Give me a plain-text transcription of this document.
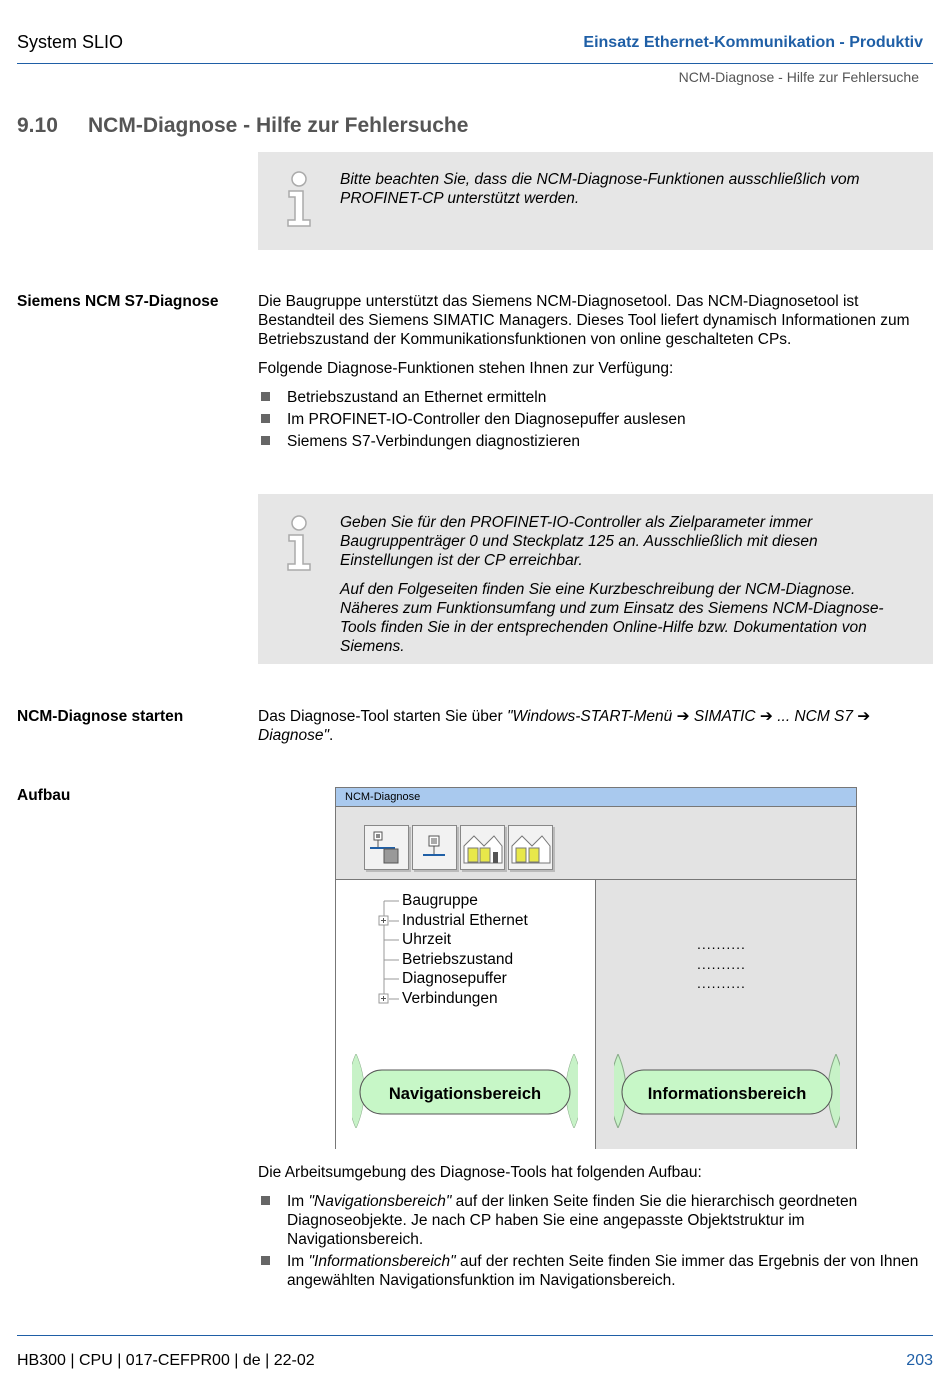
System SLIO	Einsatz Ethernet-Kommunikation - Produktiv
NCM-Diagnose - Hilfe zur Fehlersuche
9.10 NCM-Diagnose - Hilfe zur Fehlersuche

Bitte beachten Sie, dass die NCM-Diagnose-Funktionen ausschließlich vom PROFINET-CP unterstützt werden.

Siemens NCM S7-Diagnose	Die Baugruppe unterstützt das Siemens NCM-Diagnosetool. Das NCM-Diagnosetool ist Bestandteil des Siemens SIMATIC Managers. Dieses Tool liefert dynamisch Informationen zum Betriebszustand der Kommunikationsfunktionen von online geschalteten CPs.

Folgende Diagnose-Funktionen stehen Ihnen zur Verfügung:

Betriebszustand an Ethernet ermitteln
Im PROFINET-IO-Controller den Diagnosepuffer auslesen
Siemens S7-Verbindungen diagnostizieren

Geben Sie für den PROFINET-IO-Controller als Zielparameter immer Baugruppenträger 0 und Steckplatz 125 an. Ausschließlich mit diesen Einstellungen ist der CP erreichbar.

Auf den Folgeseiten finden Sie eine Kurzbeschreibung der NCM-Diagnose. Näheres zum Funktionsumfang und zum Einsatz des Siemens NCM-Diagnose-Tools finden Sie in der entsprechenden Online-Hilfe bzw. Dokumentation von Siemens.

NCM-Diagnose starten	Das Diagnose-Tool starten Sie über "Windows-START-Menü ➔ SIMATIC ➔ ... NCM S7 ➔ Diagnose".

Aufbau	NCM-Diagnose
Baugruppe
Industrial Ethernet
Uhrzeit
Betriebszustand
Diagnosepuffer
Verbindungen
Navigationsbereich
..........
..........
..........
Informationsbereich

Die Arbeitsumgebung des Diagnose-Tools hat folgenden Aufbau:

Im "Navigationsbereich" auf der linken Seite finden Sie die hierarchisch geordneten Diagnoseobjekte. Je nach CP haben Sie eine angepasste Objektstruktur im Navigationsbereich.
Im "Informationsbereich" auf der rechten Seite finden Sie immer das Ergebnis der von Ihnen angewählten Navigationsfunktion im Navigationsbereich.
HB300 | CPU | 017-CEFPR00 | de | 22-02	203
